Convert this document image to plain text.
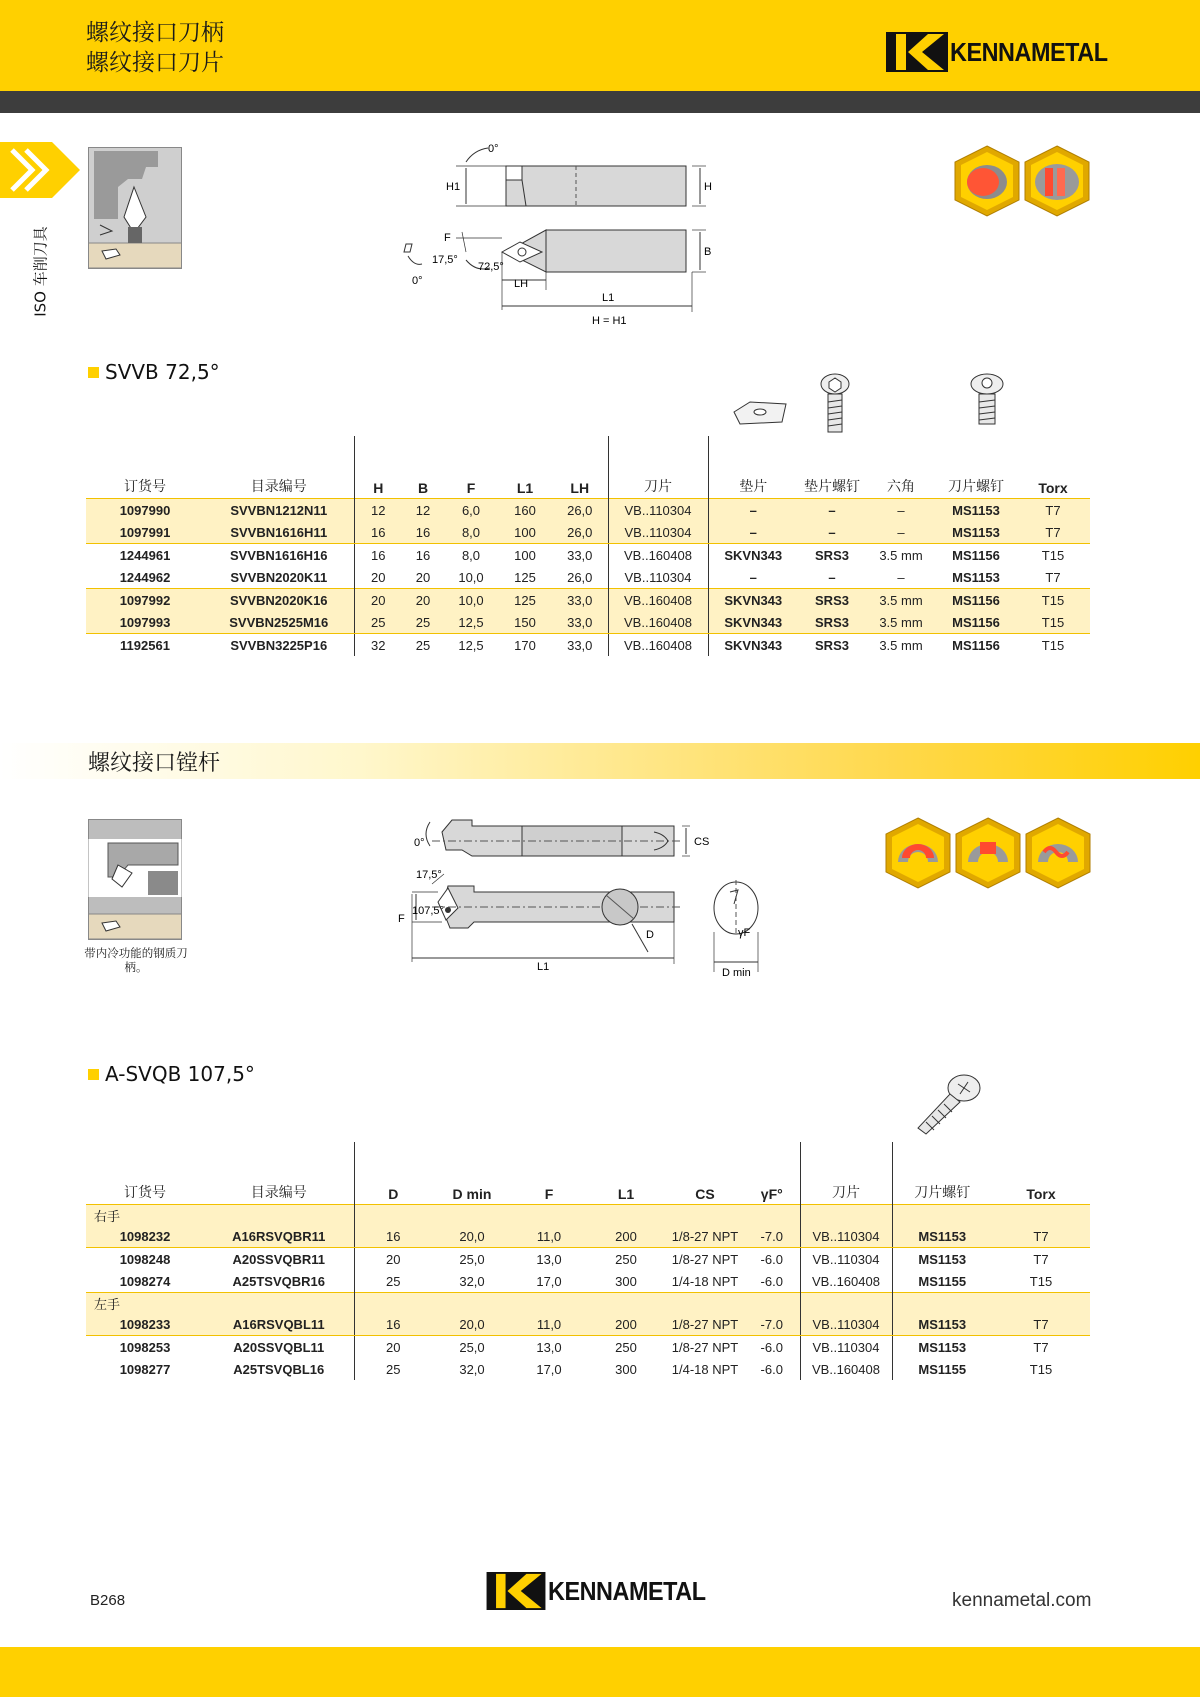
螺纹接口刀柄
螺纹接口刀片	KENNAMETAL
ISO 车削刀具
0°
H1	H
F
B
17,5°
72,5°
0°	LH
L1
H = H1
SVVB 72,5°
订货号	目录编号	H	B	F	L1	LH	刀片	垫片	垫片螺钉	六角	刀片螺钉	Torx
1097990	SVVBN1212N11	12	12	6,0	160	26,0	VB..110304	–	–	–	MS1153	T7
1097991	SVVBN1616H11	16	16	8,0	100	26,0	VB..110304	–	–	–	MS1153	T7
1244961	SVVBN1616H16	16	16	8,0	100	33,0	VB..160408	SKVN343	SRS3	3.5 mm	MS1156	T15
1244962	SVVBN2020K11	20	20	10,0	125	26,0	VB..110304	–	–	–	MS1153	T7
1097992	SVVBN2020K16	20	20	10,0	125	33,0	VB..160408	SKVN343	SRS3	3.5 mm	MS1156	T15
1097993	SVVBN2525M16	25	25	12,5	150	33,0	VB..160408	SKVN343	SRS3	3.5 mm	MS1156	T15
1192561	SVVBN3225P16	32	25	12,5	170	33,0	VB..160408	SKVN343	SRS3	3.5 mm	MS1156	T15
螺纹接口镗杆
带内冷功能的钢质刀柄。
0°	CS
17,5°
107,5°
F
D
L1
γF
D min
A-SVQB 107,5°
订货号	目录编号	D	D min	F	L1	CS	γF°	刀片	刀片螺钉	Torx
右手										
1098232	A16RSVQBR11	16	20,0	11,0	200	1/8-27 NPT	-7.0	VB..110304	MS1153	T7
1098248	A20SSVQBR11	20	25,0	13,0	250	1/8-27 NPT	-6.0	VB..110304	MS1153	T7
1098274	A25TSVQBR16	25	32,0	17,0	300	1/4-18 NPT	-6.0	VB..160408	MS1155	T15
左手										
1098233	A16RSVQBL11	16	20,0	11,0	200	1/8-27 NPT	-7.0	VB..110304	MS1153	T7
1098253	A20SSVQBL11	20	25,0	13,0	250	1/8-27 NPT	-6.0	VB..110304	MS1153	T7
1098277	A25TSVQBL16	25	32,0	17,0	300	1/4-18 NPT	-6.0	VB..160408	MS1155	T15
B268	KENNAMETAL	kennametal.com
